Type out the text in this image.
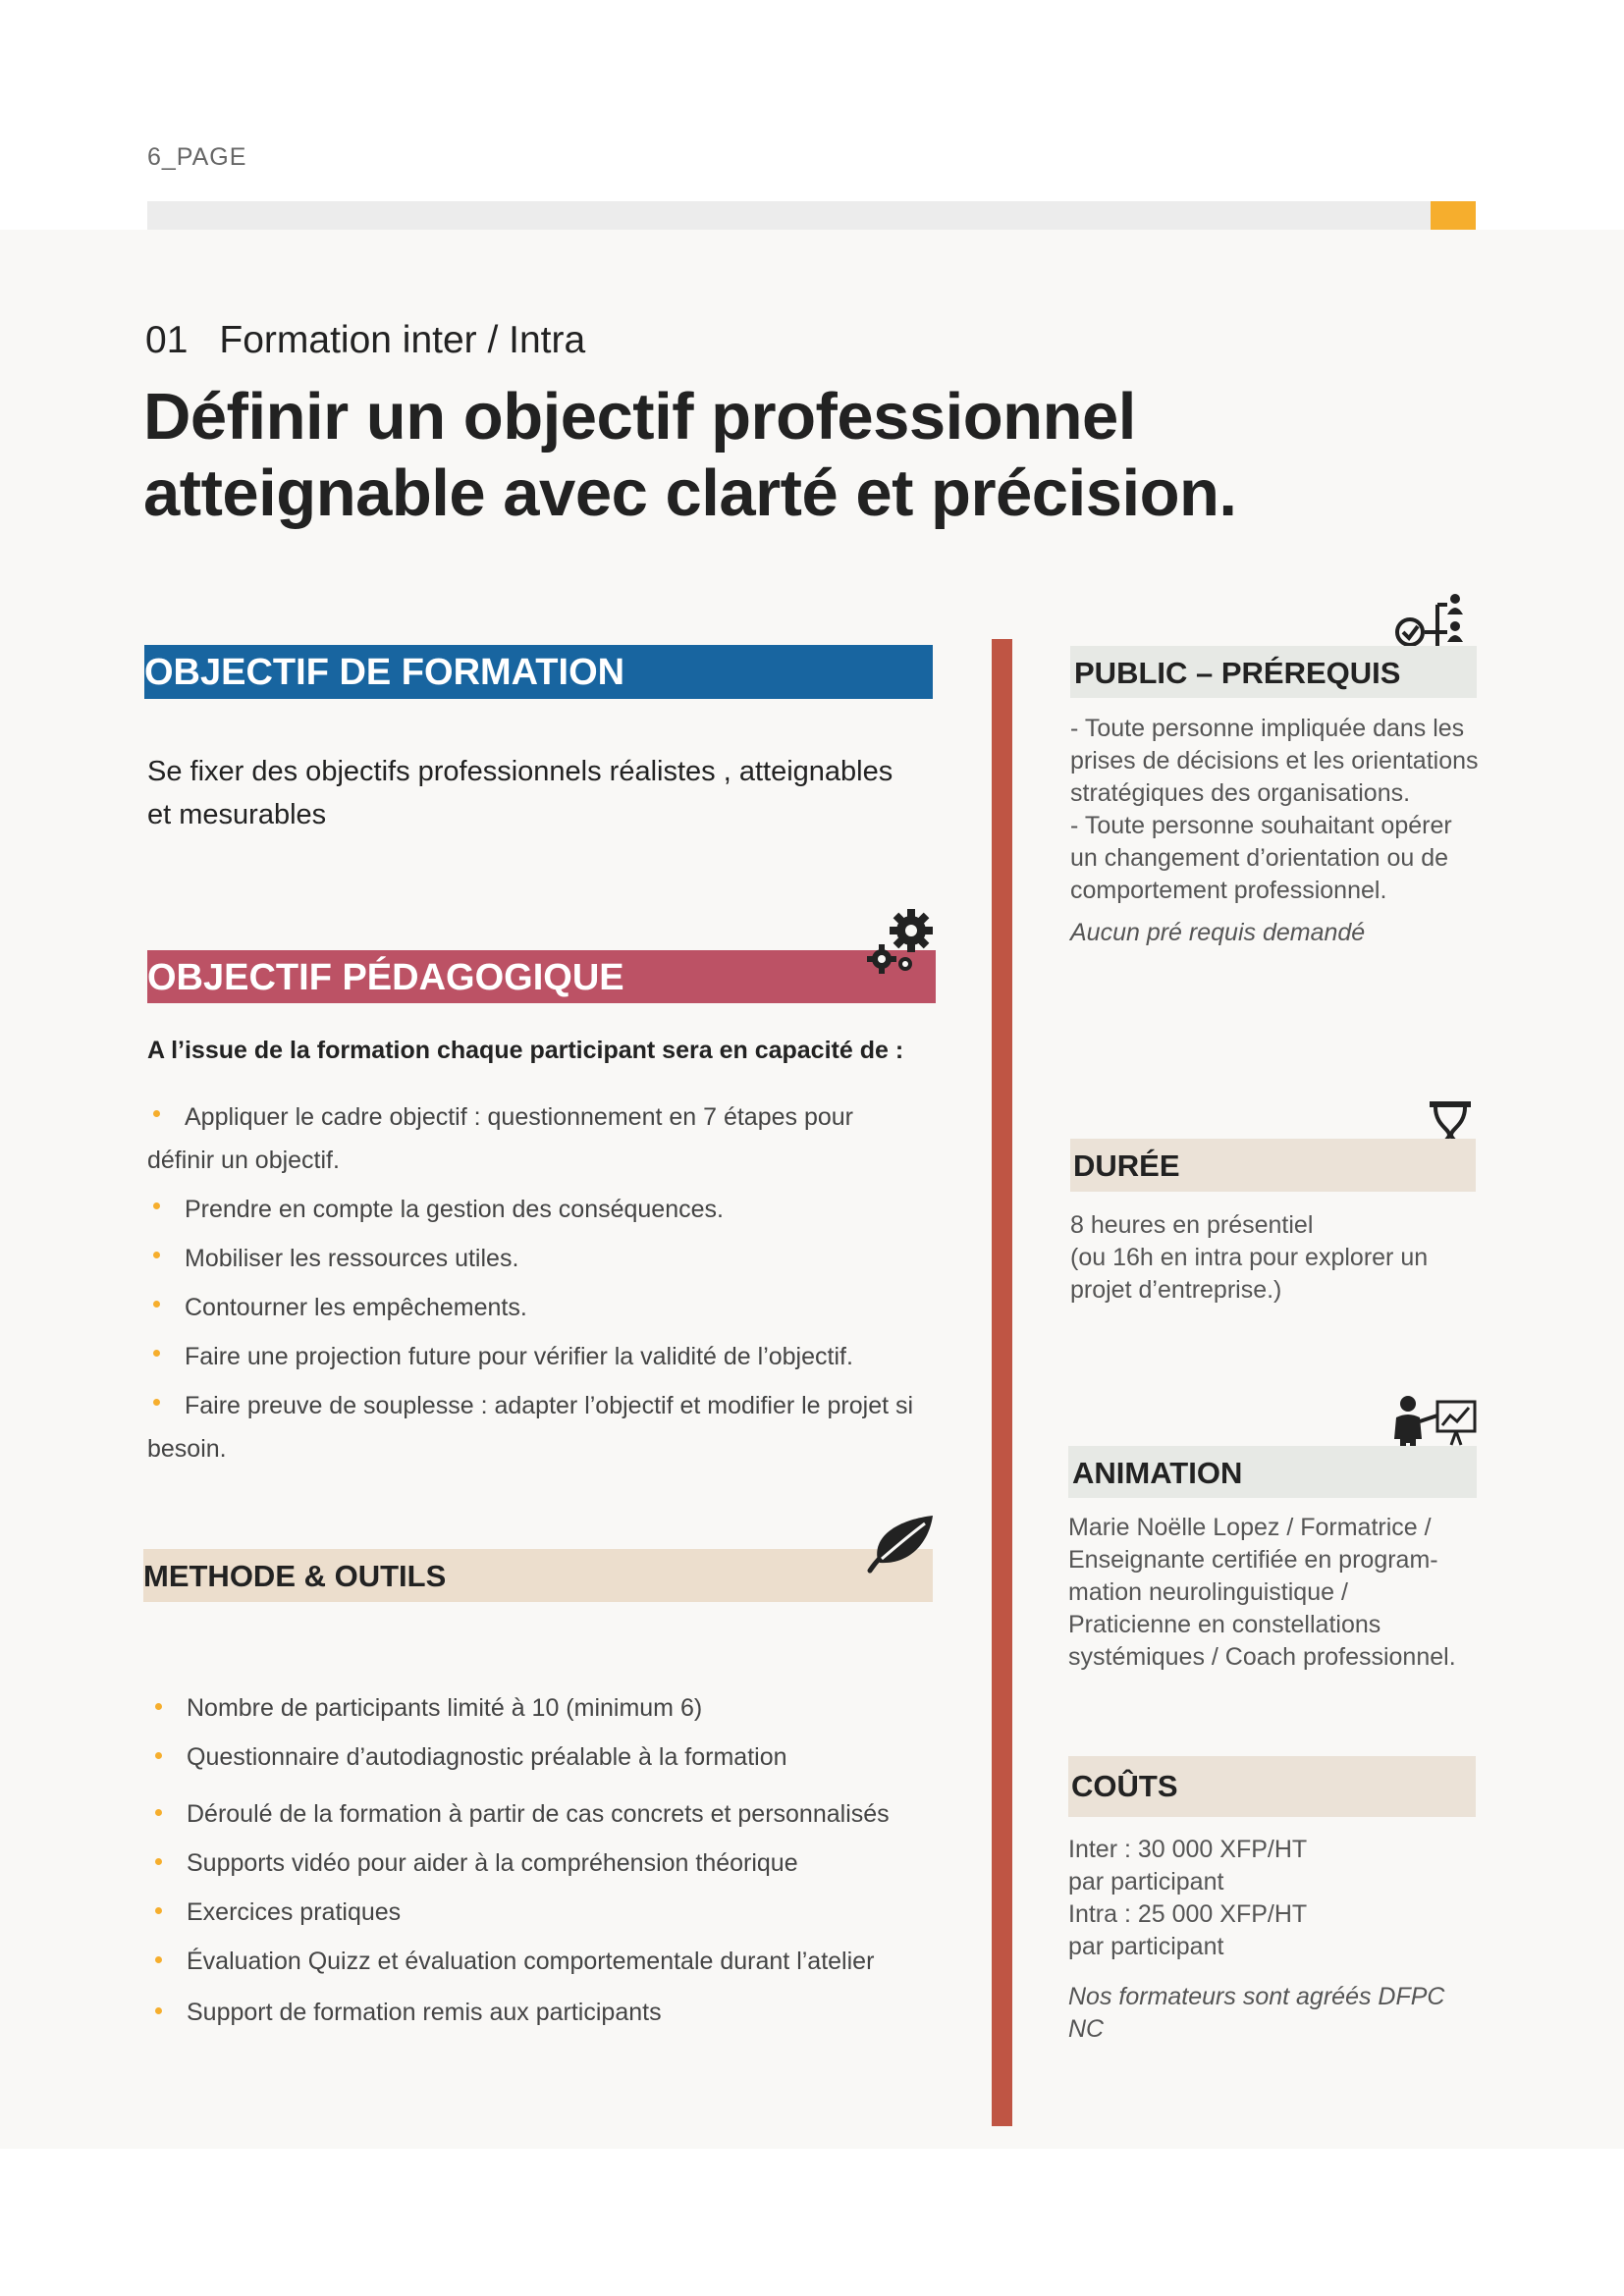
6_PAGE
01 Formation inter / Intra
Définir un objectif professionnel
atteignable avec clarté et précision.
OBJECTIF DE FORMATION
Se fixer des objectifs professionnels réalistes , atteignables
et mesurables
OBJECTIF PÉDAGOGIQUE
A l’issue de la formation chaque participant sera en capacité de :
Appliquer le cadre objectif : questionnement en 7 étapes pour définir un objectif.
Prendre en compte la gestion des conséquences.
Mobiliser les ressources utiles.
Contourner les empêchements.
Faire une projection future pour vérifier la validité de l’objectif.
Faire preuve de souplesse : adapter l’objectif et modifier le projet si besoin.
METHODE & OUTILS
Nombre de participants limité à 10 (minimum 6)
Questionnaire d’autodiagnostic préalable à la formation
Déroulé de la formation à partir de cas concrets et personnalisés
Supports vidéo pour aider à la compréhension théorique
Exercices pratiques
Évaluation Quizz et évaluation comportementale durant l’atelier
Support de formation remis aux participants
PUBLIC – PRÉREQUIS
- Toute personne impliquée dans les prises de décisions et les orientations stratégiques des organisations.
- Toute personne souhaitant opérer un changement d’orientation ou de comportement professionnel.
Aucun pré requis demandé
DURÉE
8 heures en présentiel
(ou 16h en intra pour explorer un projet d’entreprise.)
ANIMATION
Marie Noëlle Lopez / Formatrice /
Enseignante certifiée en program-
mation neurolinguistique /
Praticienne en constellations
systémiques / Coach professionnel.
COÛTS
Inter : 30 000 XFP/HT
par participant
Intra : 25 000 XFP/HT
par participant
Nos formateurs sont agréés DFPC NC
